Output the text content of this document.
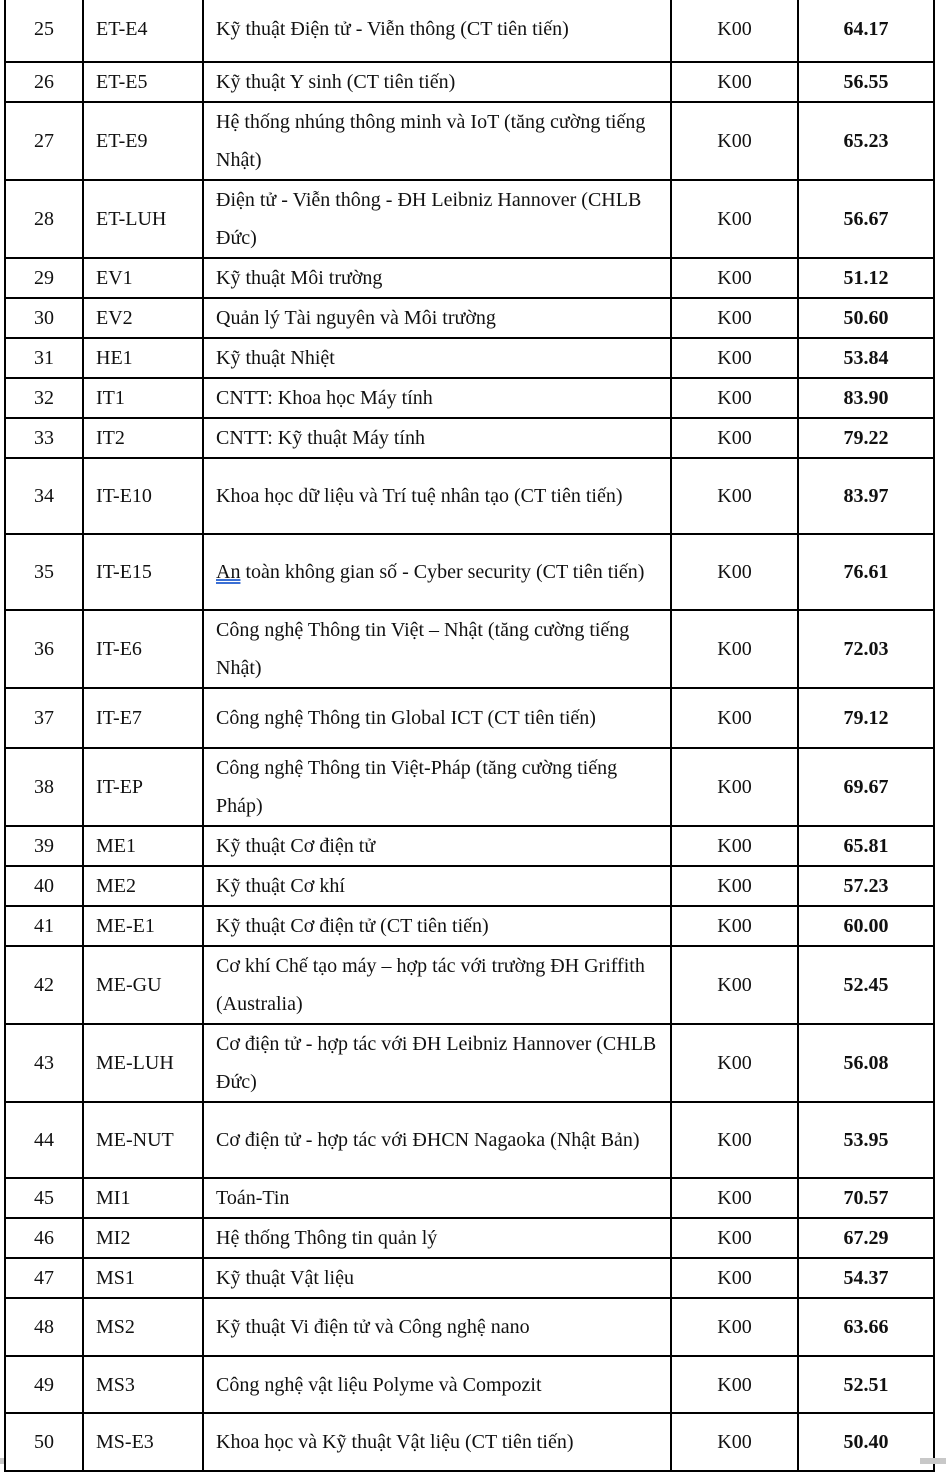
25	ET-E4	Kỹ thuật Điện tử - Viễn thông (CT tiên tiến)	K00	64.17
26	ET-E5	Kỹ thuật Y sinh (CT tiên tiến)	K00	56.55
27	ET-E9	Hệ thống nhúng thông minh và IoT (tăng cường tiếng Nhật)	K00	65.23
28	ET-LUH	Điện tử - Viễn thông - ĐH Leibniz Hannover (CHLB Đức)	K00	56.67
29	EV1	Kỹ thuật Môi trường	K00	51.12
30	EV2	Quản lý Tài nguyên và Môi trường	K00	50.60
31	HE1	Kỹ thuật Nhiệt	K00	53.84
32	IT1	CNTT: Khoa học Máy tính	K00	83.90
33	IT2	CNTT: Kỹ thuật Máy tính	K00	79.22
34	IT-E10	Khoa học dữ liệu và Trí tuệ nhân tạo (CT tiên tiến)	K00	83.97
35	IT-E15	An toàn không gian số - Cyber security (CT tiên tiến)	K00	76.61
36	IT-E6	Công nghệ Thông tin Việt – Nhật (tăng cường tiếng Nhật)	K00	72.03
37	IT-E7	Công nghệ Thông tin Global ICT (CT tiên tiến)	K00	79.12
38	IT-EP	Công nghệ Thông tin Việt-Pháp (tăng cường tiếng Pháp)	K00	69.67
39	ME1	Kỹ thuật Cơ điện tử	K00	65.81
40	ME2	Kỹ thuật Cơ khí	K00	57.23
41	ME-E1	Kỹ thuật Cơ điện tử (CT tiên tiến)	K00	60.00
42	ME-GU	Cơ khí Chế tạo máy – hợp tác với trường ĐH Griffith (Australia)	K00	52.45
43	ME-LUH	Cơ điện tử - hợp tác với ĐH Leibniz Hannover (CHLB Đức)	K00	56.08
44	ME-NUT	Cơ điện tử - hợp tác với ĐHCN Nagaoka (Nhật Bản)	K00	53.95
45	MI1	Toán-Tin	K00	70.57
46	MI2	Hệ thống Thông tin quản lý	K00	67.29
47	MS1	Kỹ thuật Vật liệu	K00	54.37
48	MS2	Kỹ thuật Vi điện tử và Công nghệ nano	K00	63.66
49	MS3	Công nghệ vật liệu Polyme và Compozit	K00	52.51
50	MS-E3	Khoa học và Kỹ thuật Vật liệu (CT tiên tiến)	K00	50.40
